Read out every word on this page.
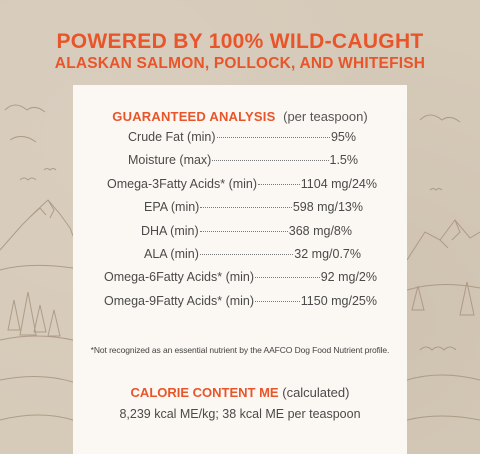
POWERED BY 100% WILD-CAUGHT
ALASKAN SALMON, POLLOCK, AND WHITEFISH
GUARANTEED ANALYSIS (per teaspoon)
Crude Fat (min)	95%
Moisture (max)	1.5%
Omega-3Fatty Acids* (min)	1104 mg/24%
EPA (min)	598 mg/13%
DHA (min)	368 mg/8%
ALA (min)	32 mg/0.7%
Omega-6Fatty Acids* (min)	92 mg/2%
Omega-9Fatty Acids* (min)	1150 mg/25%
*Not recognized as an essential nutrient by the AAFCO Dog Food Nutrient profile.
CALORIE CONTENT ME (calculated)
8,239 kcal ME/kg; 38 kcal ME per teaspoon
